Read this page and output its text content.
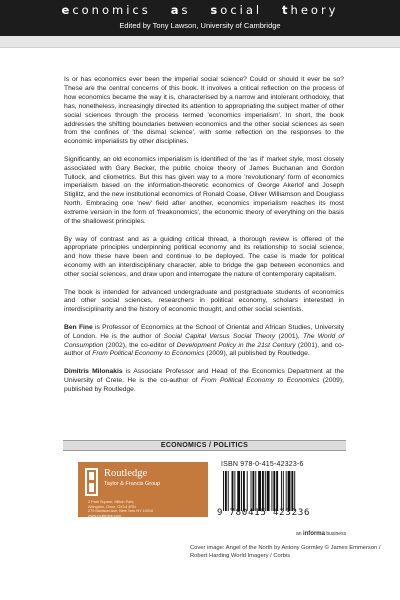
economics as social theory
Edited by Tony Lawson, University of Cambridge

Is or has economics ever been the imperial social science? Could or should it ever be so? These are the central concerns of this book. It involves a critical reflection on the process of how economics became the way it is, characterised by a narrow and intolerant orthodoxy, that has, nonetheless, increasingly directed its attention to appropriating the subject matter of other social sciences through the process termed 'economics imperialism'. In short, the book addresses the shifting boundaries between economics and the other social sciences as seen from the confines of 'the dismal science', with some reflection on the responses to the economic imperialists by other disciplines.

Significantly, an old economics imperialism is identified of the 'as if' market style, most closely associated with Gary Becker, the public choice theory of James Buchanan and Gordon Tullock, and cliometrics. But this has given way to a more 'revolutionary' form of economics imperialism based on the information-theoretic economics of George Akerlof and Joseph Stiglitz, and the new institutional economics of Ronald Coase, Oliver Williamson and Douglass North. Embracing one 'new' field after another, economics imperialism reaches its most extreme version in the form of 'freakonomics', the economic theory of everything on the basis of the shallowest principles.

By way of contrast and as a guiding critical thread, a thorough review is offered of the appropriate principles underpinning political economy and its relationship to social science, and how these have been and continue to be deployed. The case is made for political economy with an interdisciplinary character, able to bridge the gap between economics and other social sciences, and draw upon and interrogate the nature of contemporary capitalism.

The book is intended for advanced undergraduate and postgraduate students of economics and other social sciences, researchers in political economy, scholars interested in interdisciplinarity and the history of economic thought, and other social scientists.

Ben Fine is Professor of Economics at the School of Oriental and African Studies, University of London. He is the author of Social Capital Versus Social Theory (2001), The World of Consumption (2002), the co-editor of Development Policy in the 21st Century (2001), and co-author of From Political Economy to Economics (2009), all published by Routledge.

Dimitris Milonakis is Associate Professor and Head of the Economics Department at the University of Crete. He is the co-author of From Political Economy to Economics (2009), published by Routledge.

ECONOMICS / POLITICS
Routledge
Taylor & Francis Group
2 Park Square, Milton Park,
Abingdon, Oxon, OX14 4RN
270 Madison Ave, New York NY 10016
www.routledge.com
ISBN 978-0-415-42323-6
9 780415 423236
an informa business
Cover image: Angel of the North by Antony Gormley © James Emmerson / Robert Harding World Imagery / Corbis
